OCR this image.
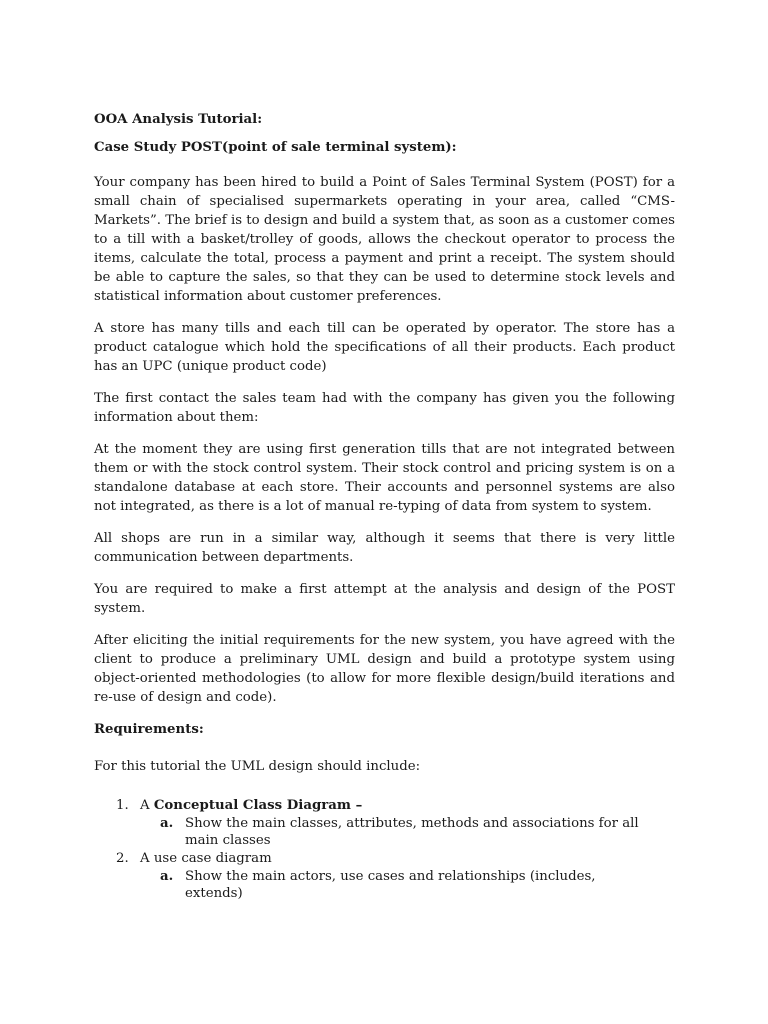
OOA Analysis Tutorial:
Case Study POST(point of sale terminal system):

Your company has been hired to build a Point of Sales Terminal System (POST) for a small chain of specialised supermarkets operating in your area, called “CMS-Markets”. The brief is to design and build a system that, as soon as a customer comes to a till with a basket/trolley of goods, allows the checkout operator to process the items, calculate the total, process a payment and print a receipt. The system should be able to capture the sales, so that they can be used to determine stock levels and statistical information about customer preferences.

A store has many tills and each till can be operated by operator. The store has a product catalogue which hold the specifications of all their products. Each product has an UPC (unique product code)

The first contact the sales team had with the company has given you the following information about them:

At the moment they are using first generation tills that are not integrated between them or with the stock control system. Their stock control and pricing system is on a standalone database at each store. Their accounts and personnel systems are also not integrated, as there is a lot of manual re-typing of data from system to system.

All shops are run in a similar way, although it seems that there is very little communication between departments.

You are required to make a first attempt at the analysis and design of the POST system.

After eliciting the initial requirements for the new system, you have agreed with the client to produce a preliminary UML design and build a prototype system using object-oriented methodologies (to allow for more flexible design/build iterations and re-use of design and code).

Requirements:

For this tutorial the UML design should include:

1. A Conceptual Class Diagram –
a. Show the main classes, attributes, methods and associations for all main classes
2. A use case diagram
a. Show the main actors, use cases and relationships (includes, extends)
